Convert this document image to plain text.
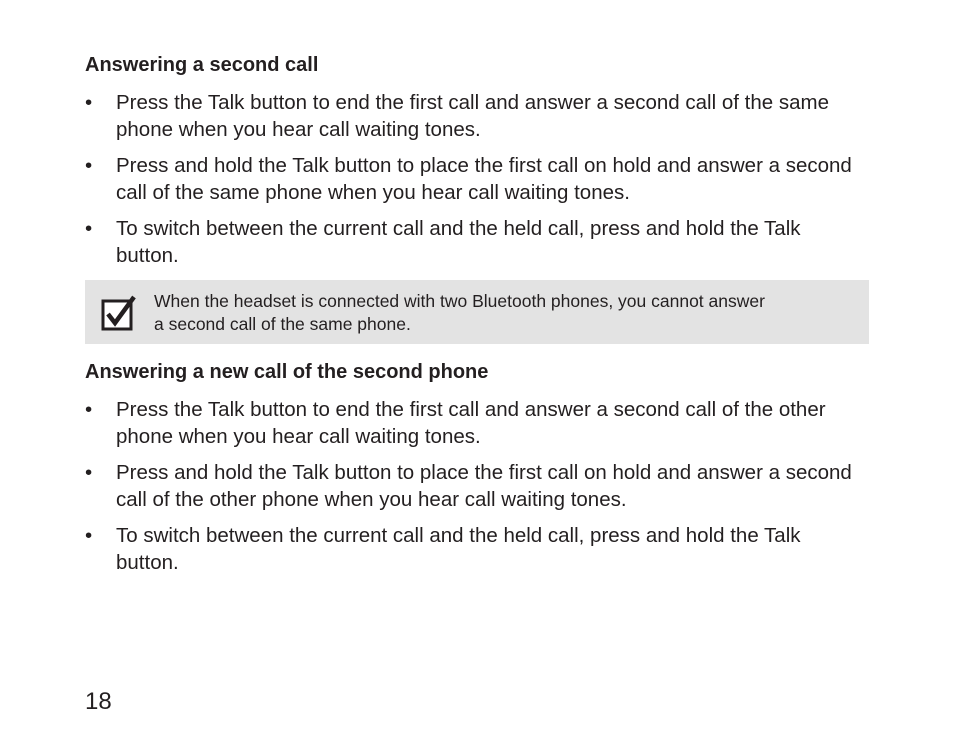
Answering a second call
• Press the Talk button to end the first call and answer a second call of the same
phone when you hear call waiting tones.
• Press and hold the Talk button to place the first call on hold and answer a second
call of the same phone when you hear call waiting tones.
• To switch between the current call and the held call, press and hold the Talk
button.

When the headset is connected with two Bluetooth phones, you cannot answer
a second call of the same phone.

Answering a new call of the second phone
• Press the Talk button to end the first call and answer a second call of the other
phone when you hear call waiting tones.
• Press and hold the Talk button to place the first call on hold and answer a second
call of the other phone when you hear call waiting tones.
• To switch between the current call and the held call, press and hold the Talk
button.
18
